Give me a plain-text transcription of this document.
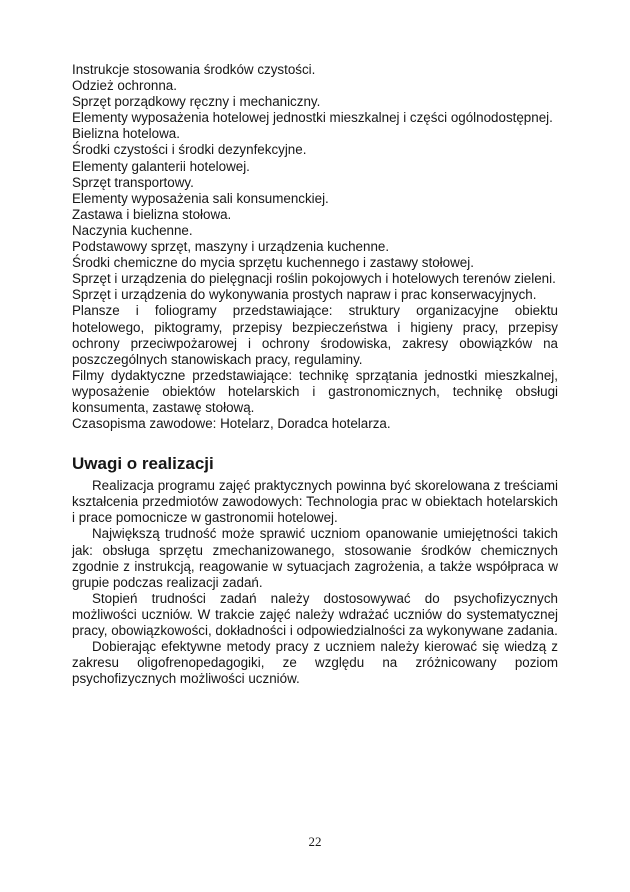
Instrukcje stosowania środków czystości.

Odzież ochronna.

Sprzęt porządkowy ręczny i mechaniczny.

Elementy wyposażenia hotelowej jednostki mieszkalnej i części ogólnodostępnej.

Bielizna hotelowa.

Środki czystości i środki dezynfekcyjne.

Elementy galanterii hotelowej.

Sprzęt transportowy.

Elementy wyposażenia sali konsumenckiej.

Zastawa i bielizna stołowa.

Naczynia kuchenne.

Podstawowy sprzęt, maszyny i urządzenia kuchenne.

Środki chemiczne do mycia sprzętu kuchennego i zastawy stołowej.

Sprzęt i urządzenia do pielęgnacji roślin pokojowych i hotelowych terenów zieleni.

Sprzęt i urządzenia do wykonywania prostych napraw i prac konserwacyjnych.

Plansze i foliogramy przedstawiające: struktury organizacyjne obiektu hotelowego, piktogramy, przepisy bezpieczeństwa i higieny pracy, przepisy ochrony przeciwpożarowej i ochrony środowiska, zakresy obowiązków na poszczególnych stanowiskach pracy, regulaminy.

Filmy dydaktyczne przedstawiające: technikę sprzątania jednostki mieszkalnej, wyposażenie obiektów hotelarskich i gastronomicznych, technikę obsługi konsumenta, zastawę stołową.

Czasopisma zawodowe: Hotelarz, Doradca hotelarza.

Uwagi o realizacji

Realizacja programu zajęć praktycznych powinna być skorelowana z treściami kształcenia przedmiotów zawodowych: Technologia prac w obiektach hotelarskich i prace pomocnicze w gastronomii hotelowej.

Największą trudność może sprawić uczniom opanowanie umiejętności takich jak: obsługa sprzętu zmechanizowanego, stosowanie środków chemicznych zgodnie z instrukcją, reagowanie w sytuacjach zagrożenia, a także współpraca w grupie podczas realizacji zadań.

Stopień trudności zadań należy dostosowywać do psychofizycznych możliwości uczniów. W trakcie zajęć należy wdrażać uczniów do systematycznej pracy, obowiązkowości, dokładności i odpowiedzialności za wykonywane zadania.

Dobierając efektywne metody pracy z uczniem należy kierować się wiedzą z zakresu oligofrenopedagogiki, ze względu na zróżnicowany poziom psychofizycznych możliwości uczniów.

22
